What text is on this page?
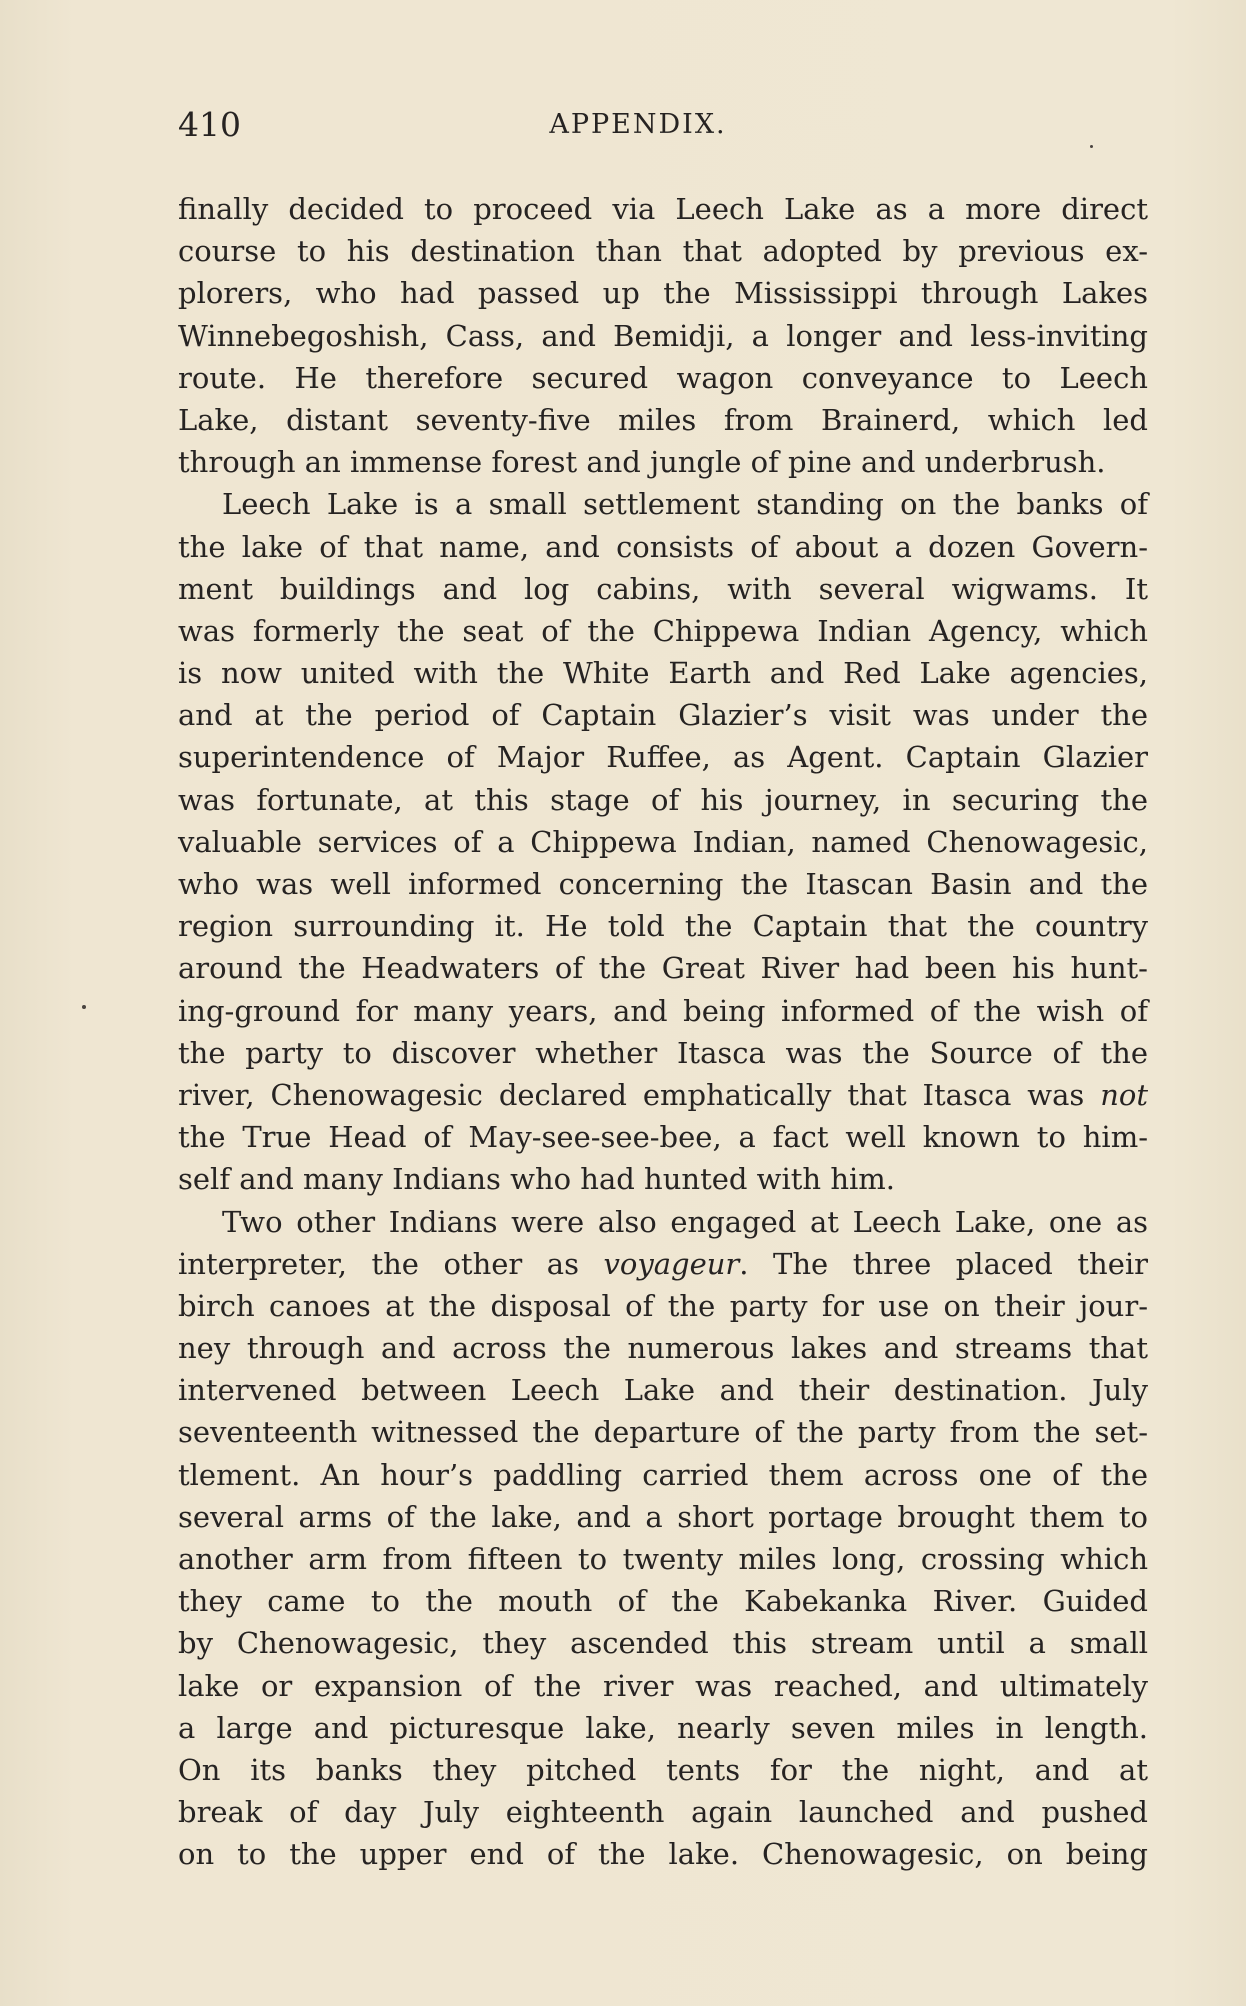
410	APPENDIX.
finally decided to proceed via Leech Lake as a more direct
course to his destination than that adopted by previous ex-
plorers, who had passed up the Mississippi through Lakes
Winnebegoshish, Cass, and Bemidji, a longer and less-inviting
route. He therefore secured wagon conveyance to Leech
Lake, distant seventy-five miles from Brainerd, which led
through an immense forest and jungle of pine and underbrush.
Leech Lake is a small settlement standing on the banks of
the lake of that name, and consists of about a dozen Govern-
ment buildings and log cabins, with several wigwams. It
was formerly the seat of the Chippewa Indian Agency, which
is now united with the White Earth and Red Lake agencies,
and at the period of Captain Glazier’s visit was under the
superintendence of Major Ruffee, as Agent. Captain Glazier
was fortunate, at this stage of his journey, in securing the
valuable services of a Chippewa Indian, named Chenowagesic,
who was well informed concerning the Itascan Basin and the
region surrounding it. He told the Captain that the country
around the Headwaters of the Great River had been his hunt-
ing-ground for many years, and being informed of the wish of
the party to discover whether Itasca was the Source of the
river, Chenowagesic declared emphatically that Itasca was not
the True Head of May-see-see-bee, a fact well known to him-
self and many Indians who had hunted with him.
Two other Indians were also engaged at Leech Lake, one as
interpreter, the other as voyageur. The three placed their
birch canoes at the disposal of the party for use on their jour-
ney through and across the numerous lakes and streams that
intervened between Leech Lake and their destination. July
seventeenth witnessed the departure of the party from the set-
tlement. An hour’s paddling carried them across one of the
several arms of the lake, and a short portage brought them to
another arm from fifteen to twenty miles long, crossing which
they came to the mouth of the Kabekanka River. Guided
by Chenowagesic, they ascended this stream until a small
lake or expansion of the river was reached, and ultimately
a large and picturesque lake, nearly seven miles in length.
On its banks they pitched tents for the night, and at
break of day July eighteenth again launched and pushed
on to the upper end of the lake. Chenowagesic, on being
